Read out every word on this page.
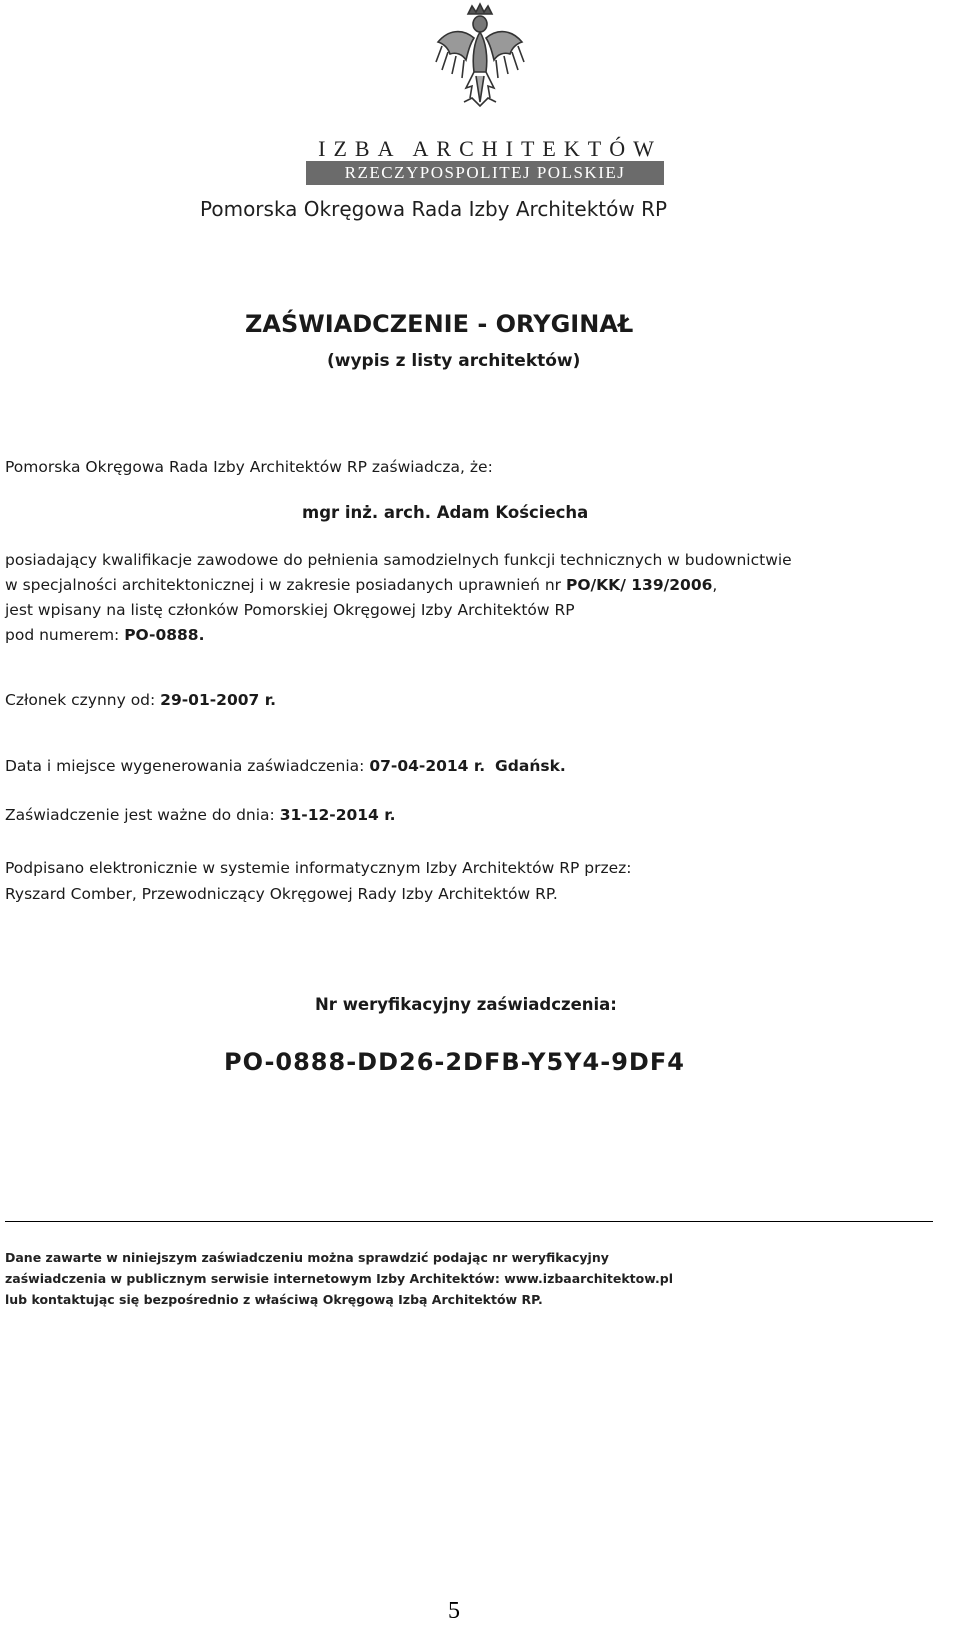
IZBA ARCHITEKTÓW
RZECZYPOSPOLITEJ POLSKIEJ
Pomorska Okręgowa Rada Izby Architektów RP
ZAŚWIADCZENIE - ORYGINAŁ
(wypis z listy architektów)
Pomorska Okręgowa Rada Izby Architektów RP zaświadcza, że:
mgr inż. arch. Adam Kościecha
posiadający kwalifikacje zawodowe do pełnienia samodzielnych funkcji technicznych w budownictwie
w specjalności architektonicznej i w zakresie posiadanych uprawnień nr PO/KK/ 139/2006,
jest wpisany na listę członków Pomorskiej Okręgowej Izby Architektów RP
pod numerem: PO-0888.
Członek czynny od: 29-01-2007 r.
Data i miejsce wygenerowania zaświadczenia: 07-04-2014 r. Gdańsk.
Zaświadczenie jest ważne do dnia: 31-12-2014 r.
Podpisano elektronicznie w systemie informatycznym Izby Architektów RP przez:
Ryszard Comber, Przewodniczący Okręgowej Rady Izby Architektów RP.
Nr weryfikacyjny zaświadczenia:
PO-0888-DD26-2DFB-Y5Y4-9DF4
Dane zawarte w niniejszym zaświadczeniu można sprawdzić podając nr weryfikacyjny
zaświadczenia w publicznym serwisie internetowym Izby Architektów: www.izbaarchitektow.pl
lub kontaktując się bezpośrednio z właściwą Okręgową Izbą Architektów RP.
5
